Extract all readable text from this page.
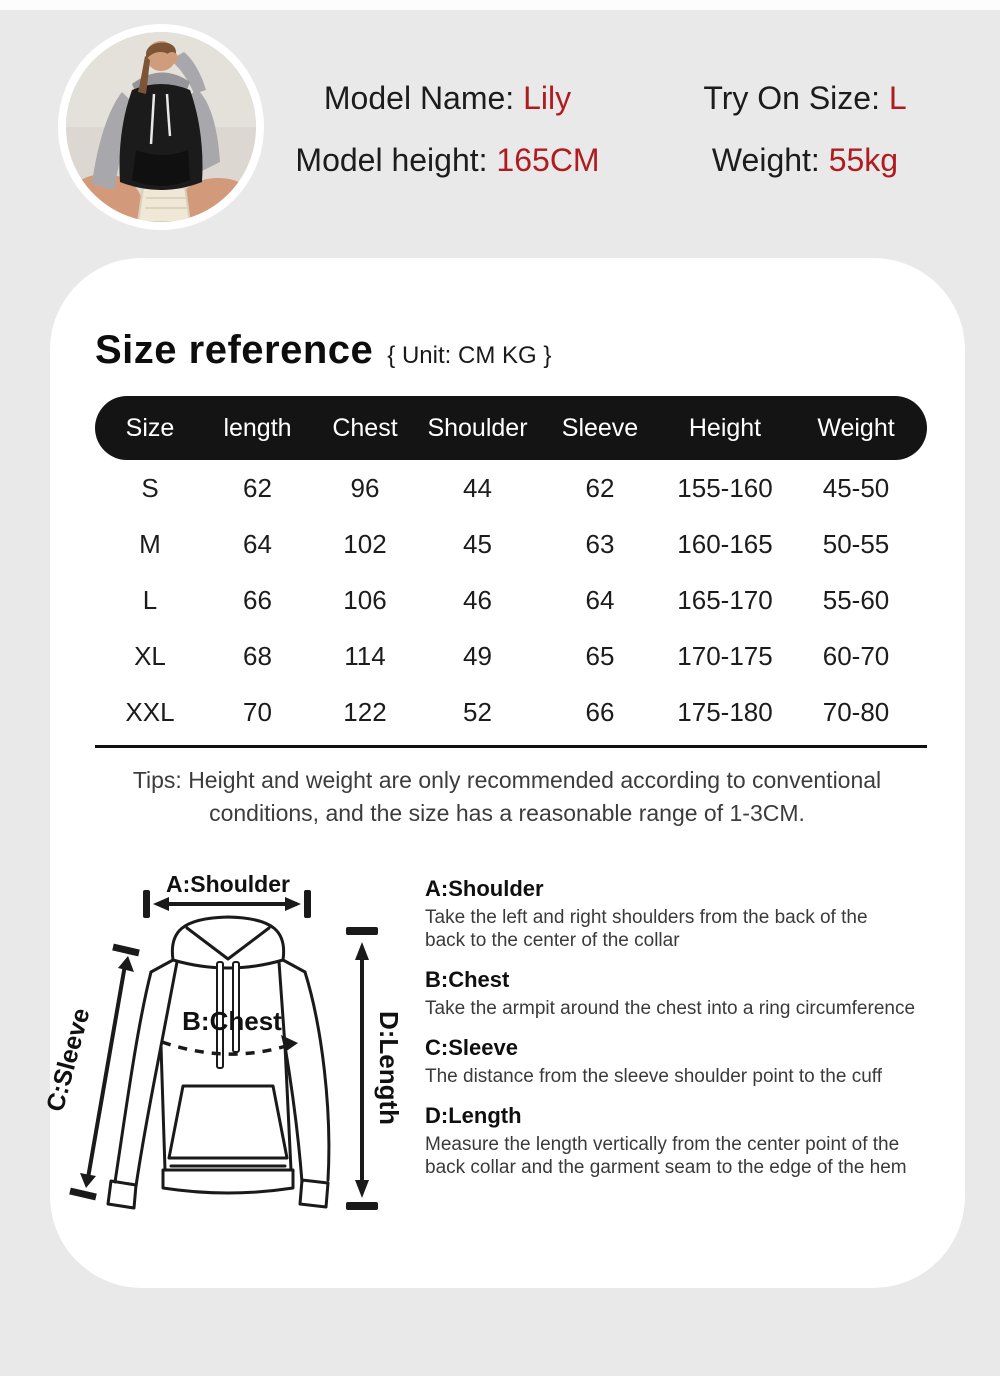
Model Name: Lily
Model height: 165CM
Try On Size: L
Weight: 55kg
Size reference { Unit: CM KG }
Size	length	Chest	Shoulder	Sleeve	Height	Weight
S	62	96	44	62	155-160	45-50
M	64	102	45	63	160-165	50-55
L	66	106	46	64	165-170	55-60
XL	68	114	49	65	170-175	60-70
XXL	70	122	52	66	175-180	70-80
Tips: Height and weight are only recommended according to conventional conditions, and the size has a reasonable range of 1-3CM.
A:Shoulder
B:Chest
C:Sleeve	D:Length
A:Shoulder

Take the left and right shoulders from the back of the back to the center of the collar

B:Chest

Take the armpit around the chest into a ring circumference

C:Sleeve

The distance from the sleeve shoulder point to the cuff

D:Length

Measure the length vertically from the center point of the back collar and the garment seam to the edge of the hem
